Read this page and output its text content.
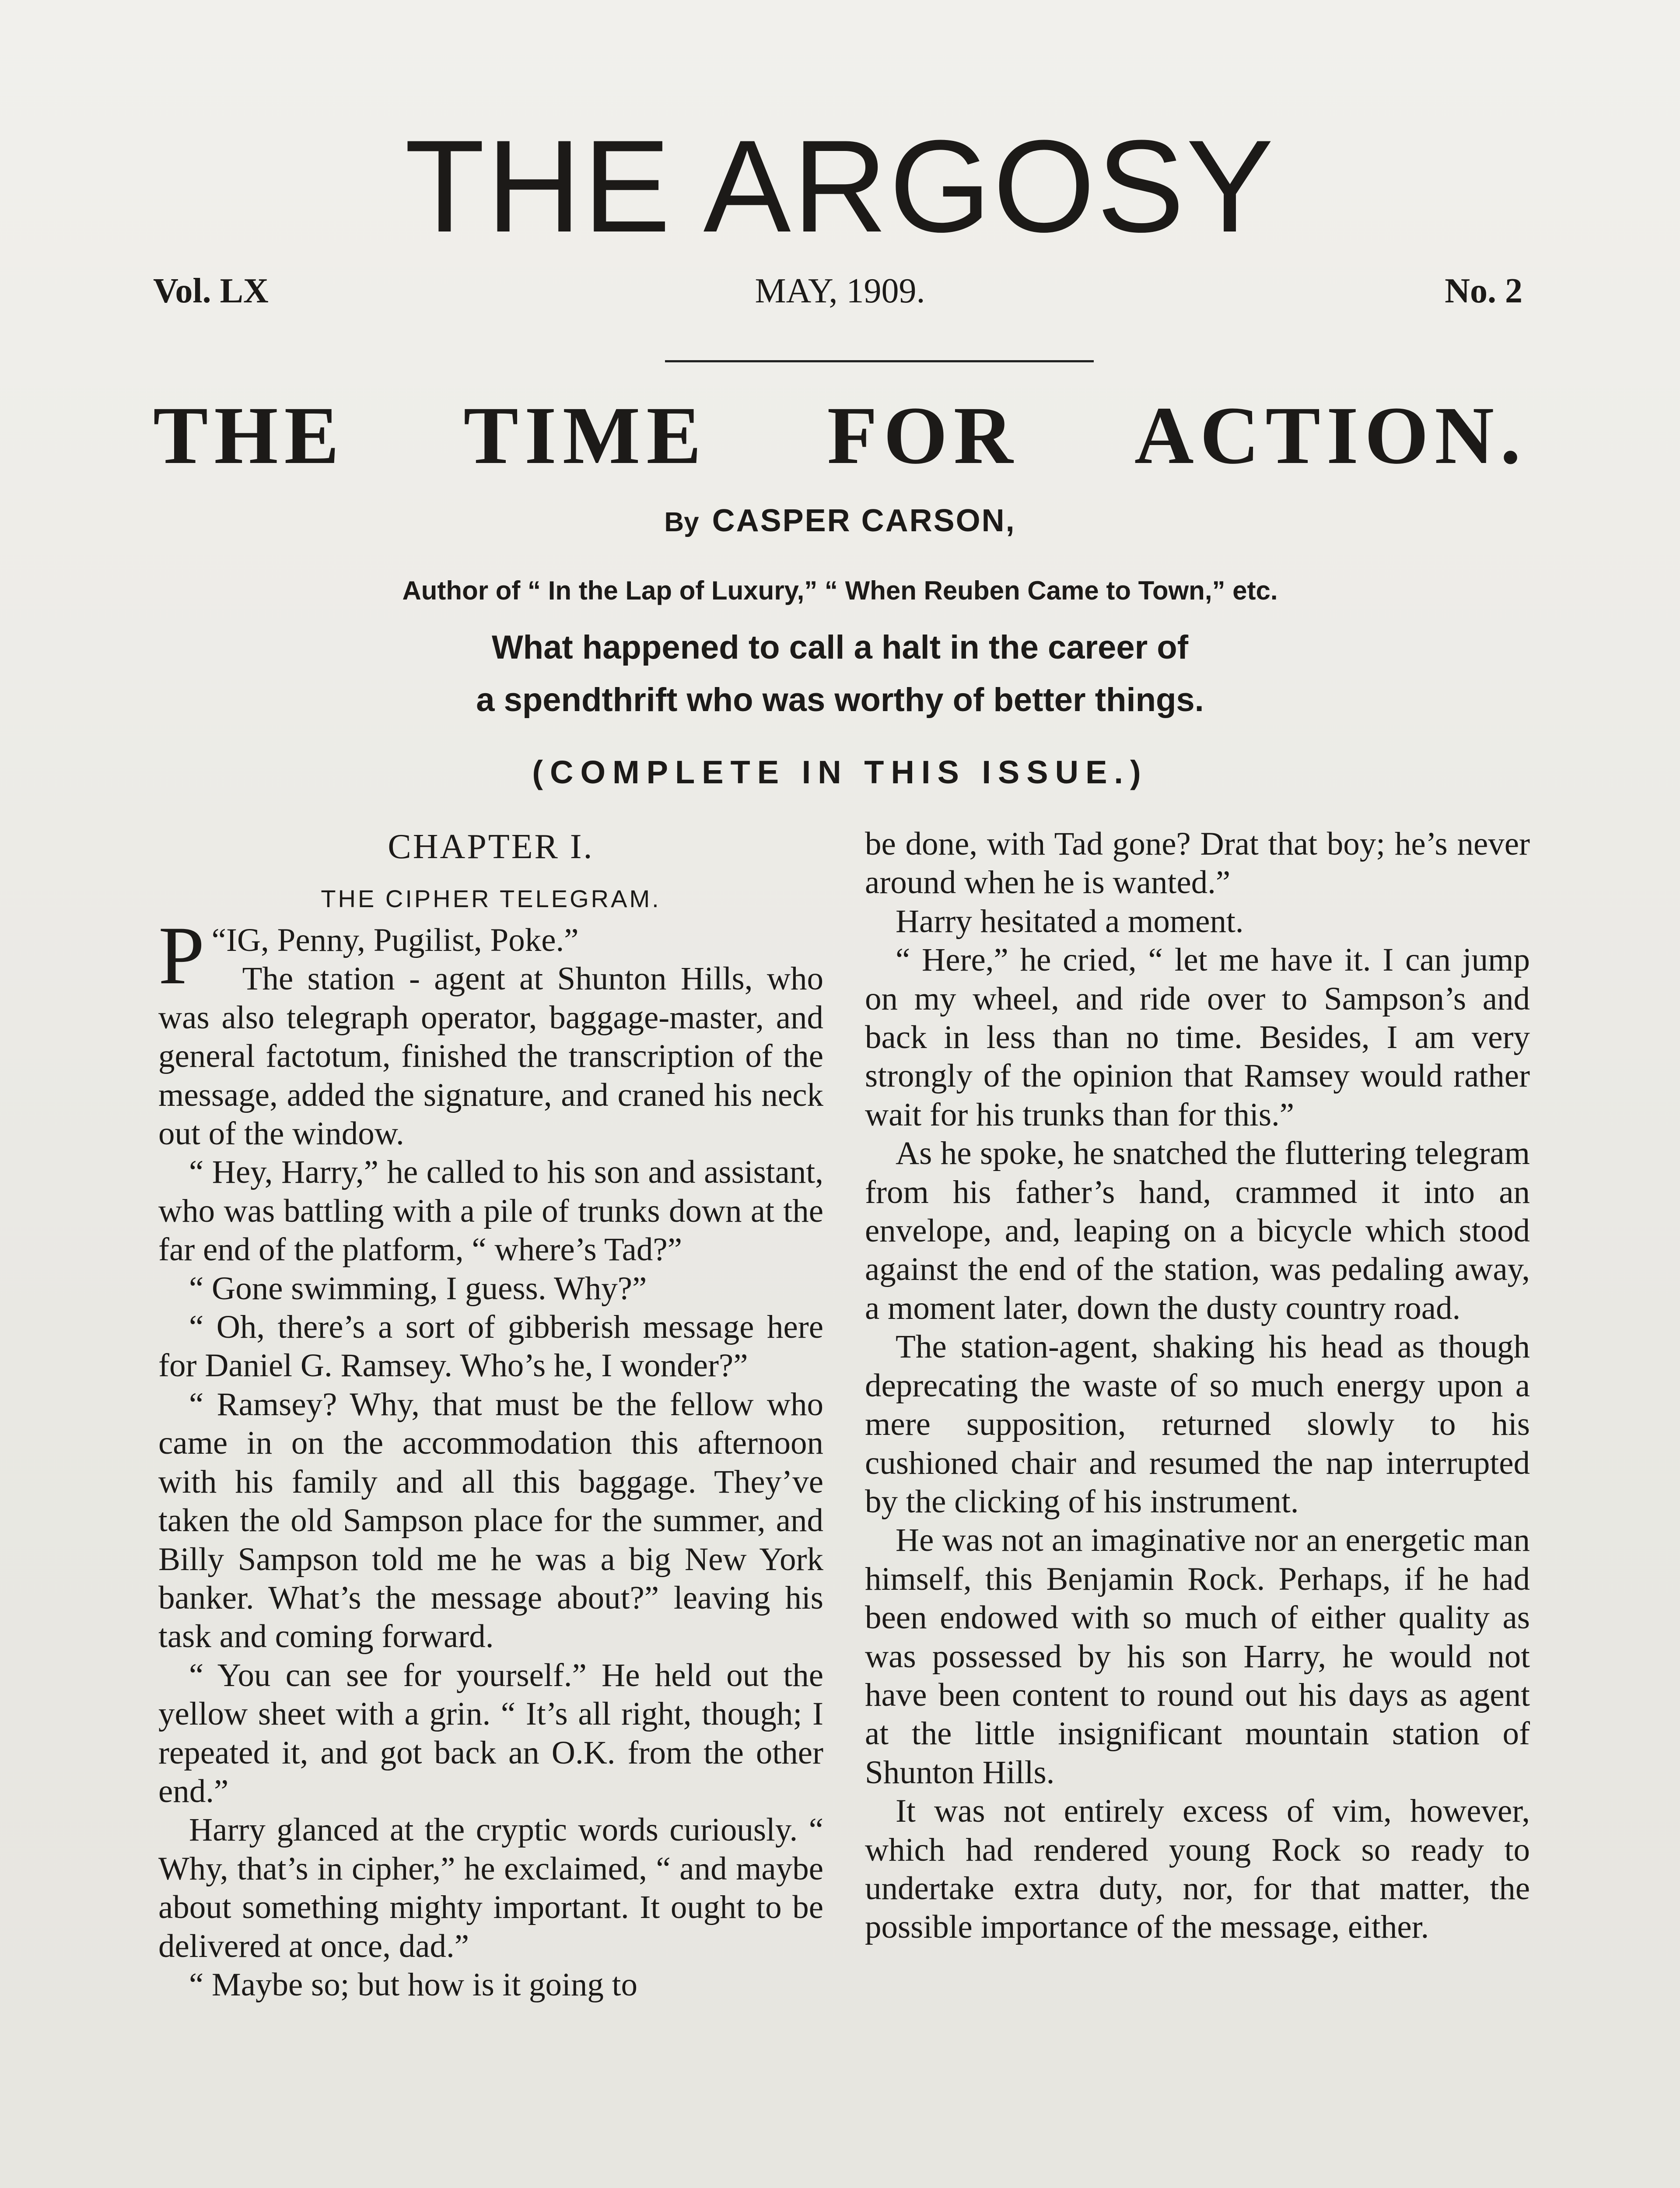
THE ARGOSY
Vol. LX	MAY, 1909.	No. 2
THE TIME FOR ACTION.
By CASPER CARSON,
Author of “ In the Lap of Luxury,” “ When Reuben Came to Town,” etc.
What happened to call a halt in the career of
a spendthrift who was worthy of better things.
(COMPLETE IN THIS ISSUE.)
CHAPTER I.
THE CIPHER TELEGRAM.

“
P IG, Penny, Pugilist, Poke.”

The station - agent at Shunton Hills, who was also telegraph operator, baggage-master, and general factotum, finished the transcription of the message, added the signature, and craned his neck out of the window.

“ Hey, Harry,” he called to his son and assistant, who was battling with a pile of trunks down at the far end of the platform, “ where’s Tad?”

“ Gone swimming, I guess. Why?”

“ Oh, there’s a sort of gibberish message here for Daniel G. Ramsey. Who’s he, I wonder?”

“ Ramsey? Why, that must be the fellow who came in on the accommodation this afternoon with his family and all this baggage. They’ve taken the old Sampson place for the summer, and Billy Sampson told me he was a big New York banker. What’s the message about?” leaving his task and coming forward.

“ You can see for yourself.” He held out the yellow sheet with a grin. “ It’s all right, though; I repeated it, and got back an O.K. from the other end.”

Harry glanced at the cryptic words curiously. “ Why, that’s in cipher,” he exclaimed, “ and maybe about something mighty important. It ought to be delivered at once, dad.”

“ Maybe so; but how is it going to

be done, with Tad gone? Drat that boy; he’s never around when he is wanted.”

Harry hesitated a moment.

“ Here,” he cried, “ let me have it. I can jump on my wheel, and ride over to Sampson’s and back in less than no time. Besides, I am very strongly of the opinion that Ramsey would rather wait for his trunks than for this.”

As he spoke, he snatched the fluttering telegram from his father’s hand, crammed it into an envelope, and, leaping on a bicycle which stood against the end of the station, was pedaling away, a moment later, down the dusty country road.

The station-agent, shaking his head as though deprecating the waste of so much energy upon a mere supposition, returned slowly to his cushioned chair and resumed the nap interrupted by the clicking of his instrument.

He was not an imaginative nor an energetic man himself, this Benjamin Rock. Perhaps, if he had been endowed with so much of either quality as was possessed by his son Harry, he would not have been content to round out his days as agent at the little insignificant mountain station of Shunton Hills.

It was not entirely excess of vim, however, which had rendered young Rock so ready to undertake extra duty, nor, for that matter, the possible importance of the message, either.
